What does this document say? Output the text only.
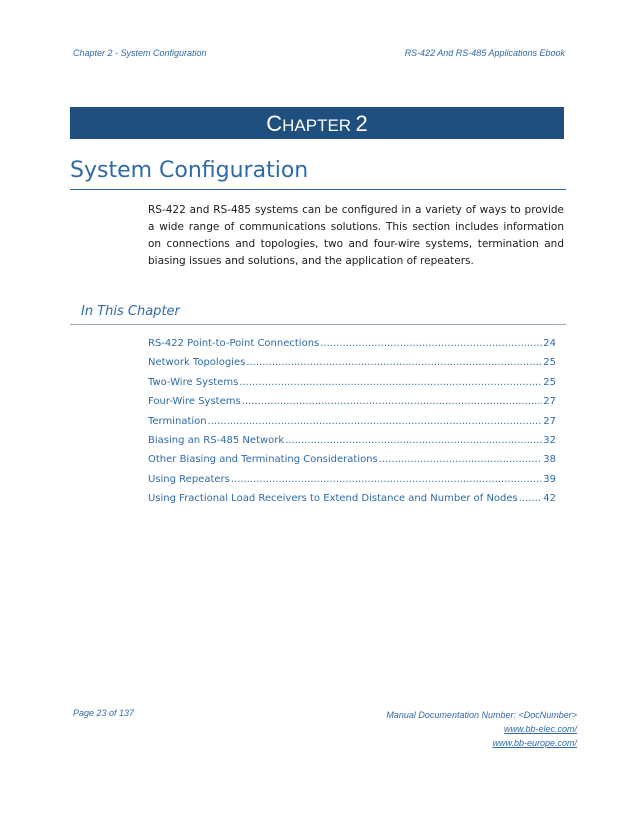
Chapter 2 - System Configuration	RS-422 And RS-485 Applications Ebook
CHAPTER 2
System Configuration
RS-422 and RS-485 systems can be configured in a variety of ways to provide a wide range of communications solutions. This section includes information on connections and topologies, two and four-wire systems, termination and biasing issues and solutions, and the application of repeaters.
In This Chapter
RS-422 Point-to-Point Connections .....	24
Network Topologies .....	25
Two-Wire Systems .....	25
Four-Wire Systems .....	27
Termination .....	27
Biasing an RS-485 Network .....	32
Other Biasing and Terminating Considerations .....	38
Using Repeaters .....	39
Using Fractional Load Receivers to Extend Distance and Number of Nodes .....	42
Page 23 of 137	Manual Documentation Number: <DocNumber>
www.bb-elec.com/
www.bb-europe.com/
